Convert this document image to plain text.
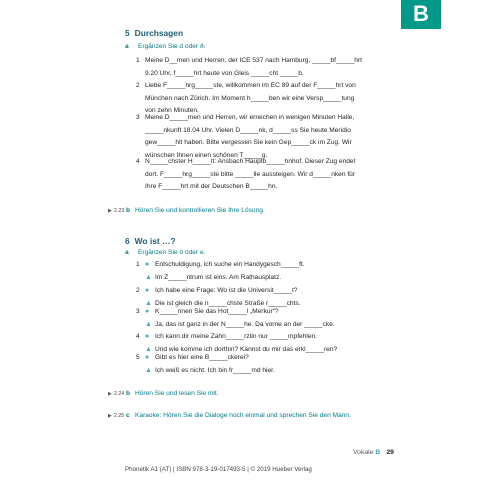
B
5 Durchsagen
a Ergänzen Sie d oder ð.
1 Meine D__men und Herren, der ICE 537 nach Hamburg, _____bf_____hrt

9.20 Uhr, f_____hrt heute von Gleis _____cht _____b.

2 Liebe F_____hrg_____ste, willkommen im EC 89 auf der F_____hrt von

München nach Zürich. Im Moment h_____ben wir eine Versp_____tung

von zehn Minuten.

3 Meine D_____men und Herren, wir erreichen in wenigen Minuten Halle,

_____nkunft 18.04 Uhr. Vielen D_____nk, d_____ss Sie heute Meridio

gew_____hlt haben. Bitte vergessen Sie kein Gep_____ck im Zug. Wir

wünschen Ihnen einen schönen T_____g.

4 N_____chster H_____lt: Ansbach Hauptb_____hnhof. Dieser Zug endet

dort. F_____hrg_____ste bitte _____lle aussteigen. Wir d_____nken für

Ihre F_____hrt mit der Deutschen B_____hn.

▶ 2.23 b Hören Sie und kontrollieren Sie Ihre Lösung.
6 Wo ist …?
a Ergänzen Sie ö oder e.
1 ● Entschuldigung, ich suche ein Handygesch_____ft.
▲ Im Z_____ntrum ist eins. Am Rathausplatz.
2 ● Ich habe eine Frage: Wo ist die Universit_____t?
▲ Die ist gleich die n_____chste Straße r_____chts.
3 ● K_____nnen Sie das Hot_____l „Merkur“?
▲ Ja, das ist ganz in der N_____he. Da vorne an der _____cke.
4 ● Ich kann dir meine Zahn_____rztin nur _____mpfehlen.
▲ Und wie komme ich dorthin? Kannst du mir das erkl_____ren?
5 ● Gibt es hier eine B_____ckerei?
▲ Ich weiß es nicht. Ich bin fr_____md hier.
▶ 2.24 b Hören Sie und lesen Sie mit.
▶ 2.25 c Karaoke: Hören Sie die Dialoge noch einmal und sprechen Sie den Mann.
Vokale B 29
Phonetik A1 (AT) | ISBN 978-3-19-017493-5 | © 2019 Hueber Verlag
